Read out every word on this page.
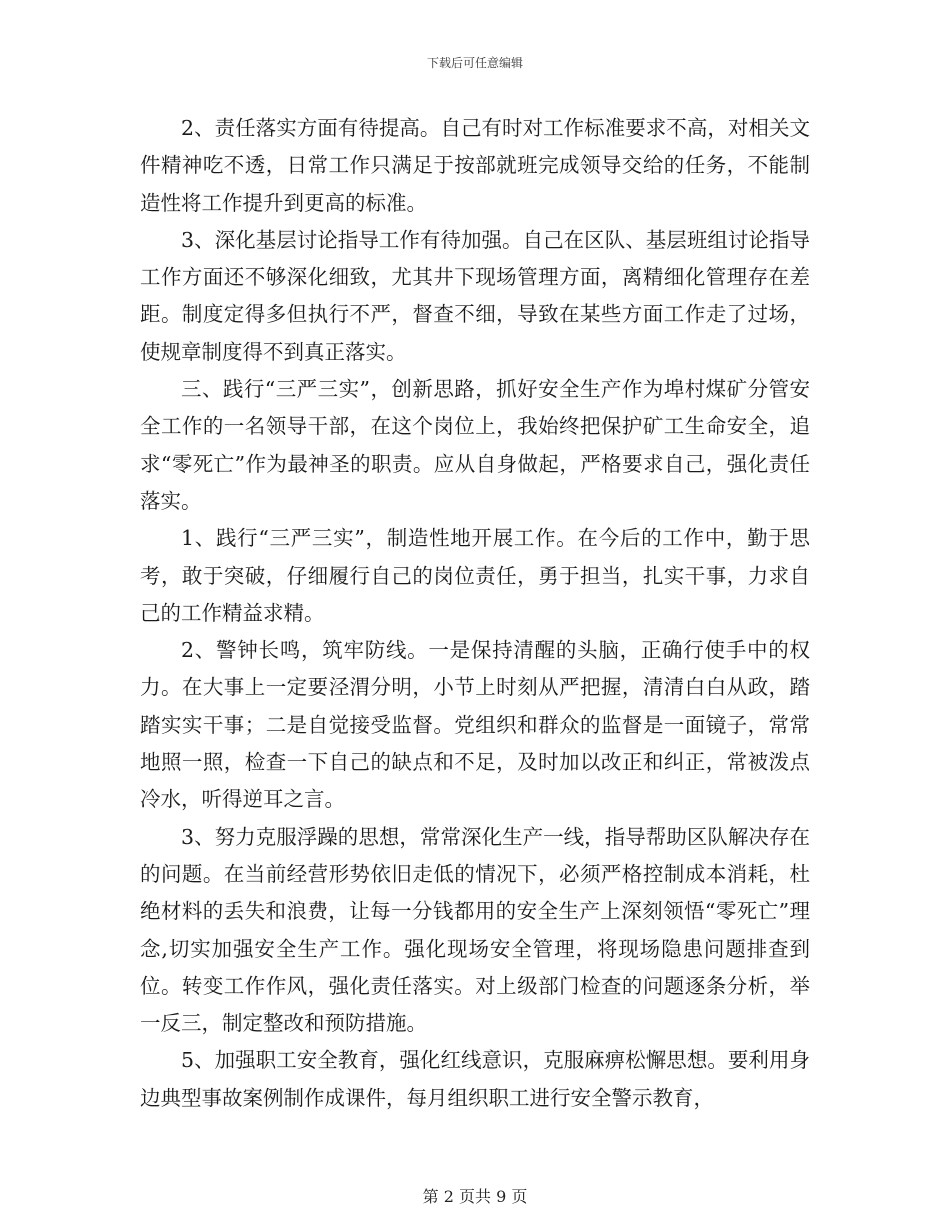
下载后可任意编辑

2、责任落实方面有待提高。自己有时对工作标准要求不高，对相关文件精神吃不透，日常工作只满足于按部就班完成领导交给的任务，不能制造性将工作提升到更高的标准。

3、深化基层讨论指导工作有待加强。自己在区队、基层班组讨论指导工作方面还不够深化细致，尤其井下现场管理方面，离精细化管理存在差距。制度定得多但执行不严，督查不细，导致在某些方面工作走了过场，使规章制度得不到真正落实。

三、践行“三严三实”，创新思路，抓好安全生产作为埠村煤矿分管安全工作的一名领导干部，在这个岗位上，我始终把保护矿工生命安全，追求“零死亡”作为最神圣的职责。应从自身做起，严格要求自己，强化责任落实。

1、践行“三严三实”，制造性地开展工作。在今后的工作中，勤于思考，敢于突破，仔细履行自己的岗位责任，勇于担当，扎实干事，力求自己的工作精益求精。

2、警钟长鸣，筑牢防线。一是保持清醒的头脑，正确行使手中的权力。在大事上一定要泾渭分明，小节上时刻从严把握，清清白白从政，踏踏实实干事；二是自觉接受监督。党组织和群众的监督是一面镜子，常常地照一照，检查一下自己的缺点和不足，及时加以改正和纠正，常被泼点冷水，听得逆耳之言。

3、努力克服浮躁的思想，常常深化生产一线，指导帮助区队解决存在的问题。在当前经营形势依旧走低的情况下，必须严格控制成本消耗，杜绝材料的丢失和浪费，让每一分钱都用的安全生产上深刻领悟“零死亡”理念,切实加强安全生产工作。强化现场安全管理，将现场隐患问题排查到位。转变工作作风，强化责任落实。对上级部门检查的问题逐条分析，举一反三，制定整改和预防措施。

5、加强职工安全教育，强化红线意识，克服麻痹松懈思想。要利用身边典型事故案例制作成课件，每月组织职工进行安全警示教育，

第 2 页共 9 页
